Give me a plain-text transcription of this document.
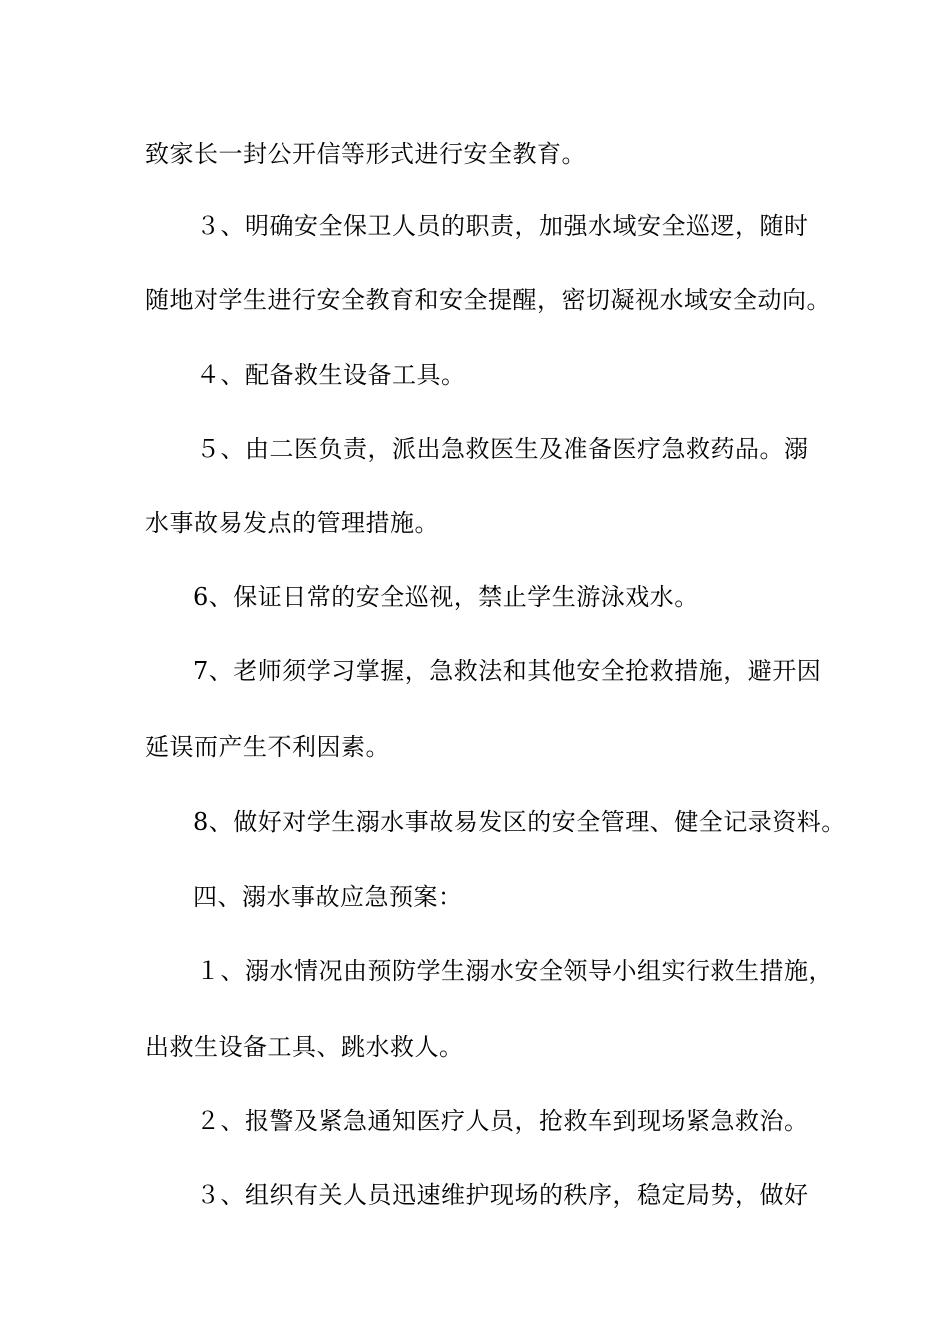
致家长一封公开信等形式进行安全教育。

３、明确安全保卫人员的职责，加强水域安全巡逻，随时

随地对学生进行安全教育和安全提醒，密切凝视水域安全动向。

４、配备救生设备工具。

５、由二医负责，派出急救医生及准备医疗急救药品。溺

水事故易发点的管理措施。

6、保证日常的安全巡视，禁止学生游泳戏水。

7、老师须学习掌握，急救法和其他安全抢救措施，避开因

延误而产生不利因素。

8、做好对学生溺水事故易发区的安全管理、健全记录资料。

四、溺水事故应急预案：

１、溺水情况由预防学生溺水安全领导小组实行救生措施，

出救生设备工具、跳水救人。

２、报警及紧急通知医疗人员，抢救车到现场紧急救治。

３、组织有关人员迅速维护现场的秩序，稳定局势，做好
